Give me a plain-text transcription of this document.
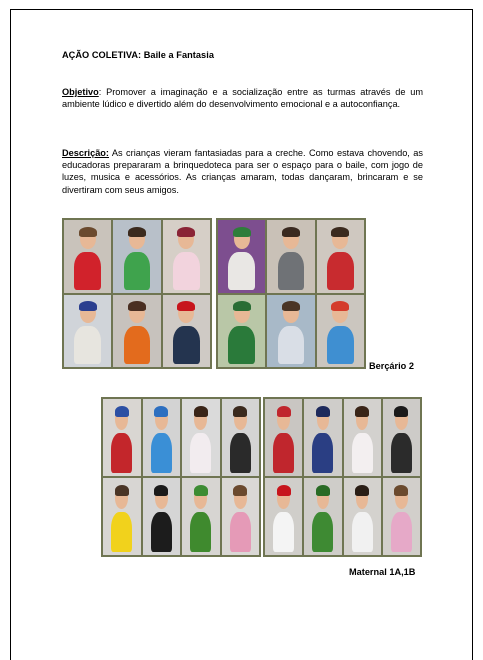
AÇÃO COLETIVA: Baile a Fantasia
Objetivo: Promover a imaginação e a socialização entre as turmas através de um ambiente lúdico e divertido além do desenvolvimento emocional e a autoconfiança.
Descrição: As crianças vieram fantasiadas para a creche. Como estava chovendo, as educadoras prepararam a brinquedoteca para ser o espaço para o baile, com jogo de luzes, musica e acessórios. As crianças amaram, todas dançaram, brincaram e se divertiram com seus amigos.
Berçário 2
Maternal 1A,1B
